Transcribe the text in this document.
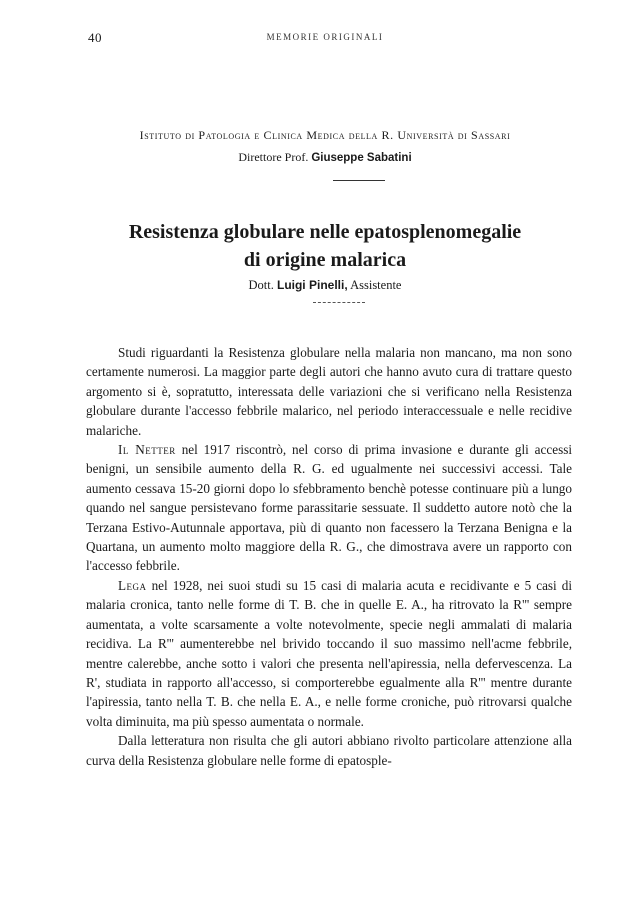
40	MEMORIE ORIGINALI
Istituto di Patologia e Clinica Medica della R. Università di Sassari
Direttore Prof. Giuseppe Sabatini
Resistenza globulare nelle epatosplenomegalie
di origine malarica
Dott. Luigi Pinelli, Assistente

Studi riguardanti la Resistenza globulare nella malaria non mancano, ma non sono certamente numerosi. La maggior parte degli autori che hanno avuto cura di trattare questo argomento si è, sopratutto, interessata delle variazioni che si verificano nella Resistenza globulare durante l'accesso febbrile malarico, nel periodo interaccessuale e nelle recidive malariche.

Il Netter nel 1917 riscontrò, nel corso di prima invasione e durante gli accessi benigni, un sensibile aumento della R. G. ed ugualmente nei successivi accessi. Tale aumento cessava 15-20 giorni dopo lo sfebbramento benchè potesse continuare più a lungo quando nel sangue persistevano forme parassitarie sessuate. Il suddetto autore notò che la Terzana Estivo-Autunnale apportava, più di quanto non facessero la Terzana Benigna e la Quartana, un aumento molto maggiore della R. G., che dimostrava avere un rapporto con l'accesso febbrile.

Lega nel 1928, nei suoi studi su 15 casi di malaria acuta e recidivante e 5 casi di malaria cronica, tanto nelle forme di T. B. che in quelle E. A., ha ritrovato la R''' sempre aumentata, a volte scarsamente a volte notevolmente, specie negli ammalati di malaria recidiva. La R''' aumenterebbe nel brivido toccando il suo massimo nell'acme febbrile, mentre calerebbe, anche sotto i valori che presenta nell'apiressia, nella defervescenza. La R', studiata in rapporto all'accesso, si comporterebbe egualmente alla R''' mentre durante l'apiressia, tanto nella T. B. che nella E. A., e nelle forme croniche, può ritrovarsi qualche volta diminuita, ma più spesso aumentata o normale.

Dalla letteratura non risulta che gli autori abbiano rivolto particolare attenzione alla curva della Resistenza globulare nelle forme di epatosple-
